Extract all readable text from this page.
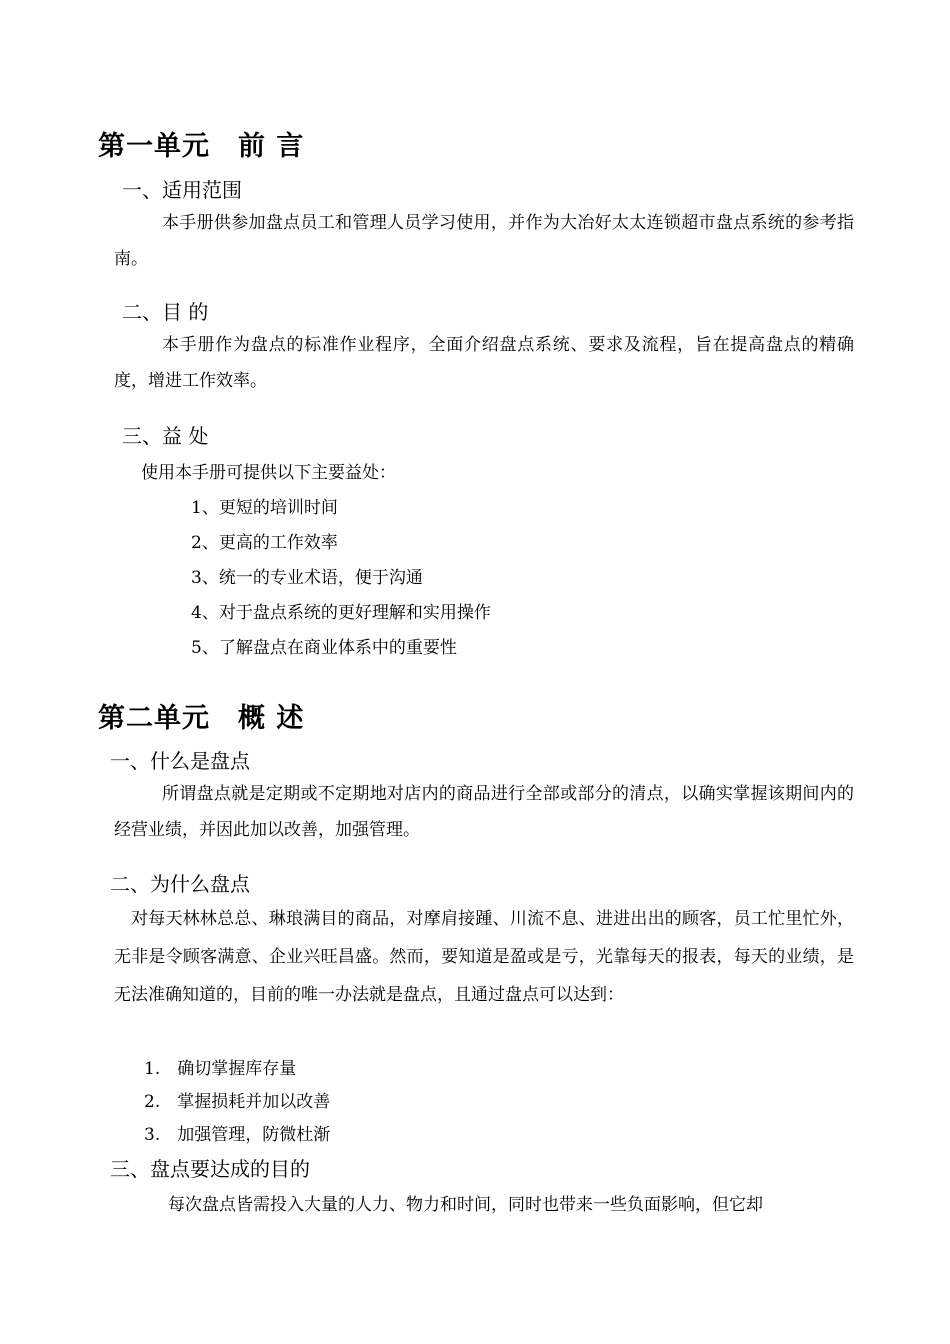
第一单元 前 言
一、适用范围

本手册供参加盘点员工和管理人员学习使用，并作为大冶好太太连锁超市盘点系统的参考指南。

二、目 的

本手册作为盘点的标准作业程序，全面介绍盘点系统、要求及流程，旨在提高盘点的精确度，增进工作效率。

三、益 处
使用本手册可提供以下主要益处：
1、更短的培训时间
2、更高的工作效率
3、统一的专业术语，便于沟通
4、对于盘点系统的更好理解和实用操作
5、了解盘点在商业体系中的重要性
第二单元 概 述
一、什么是盘点

所谓盘点就是定期或不定期地对店内的商品进行全部或部分的清点，以确实掌握该期间内的经营业绩，并因此加以改善，加强管理。

二、为什么盘点

对每天林林总总、琳琅满目的商品，对摩肩接踵、川流不息、进进出出的顾客，员工忙里忙外，无非是令顾客满意、企业兴旺昌盛。然而，要知道是盈或是亏，光靠每天的报表，每天的业绩，是无法准确知道的，目前的唯一办法就是盘点，且通过盘点可以达到：

1.　确切掌握库存量
2.　掌握损耗并加以改善
3.　加强管理，防微杜渐
三、盘点要达成的目的
每次盘点皆需投入大量的人力、物力和时间，同时也带来一些负面影响，但它却
